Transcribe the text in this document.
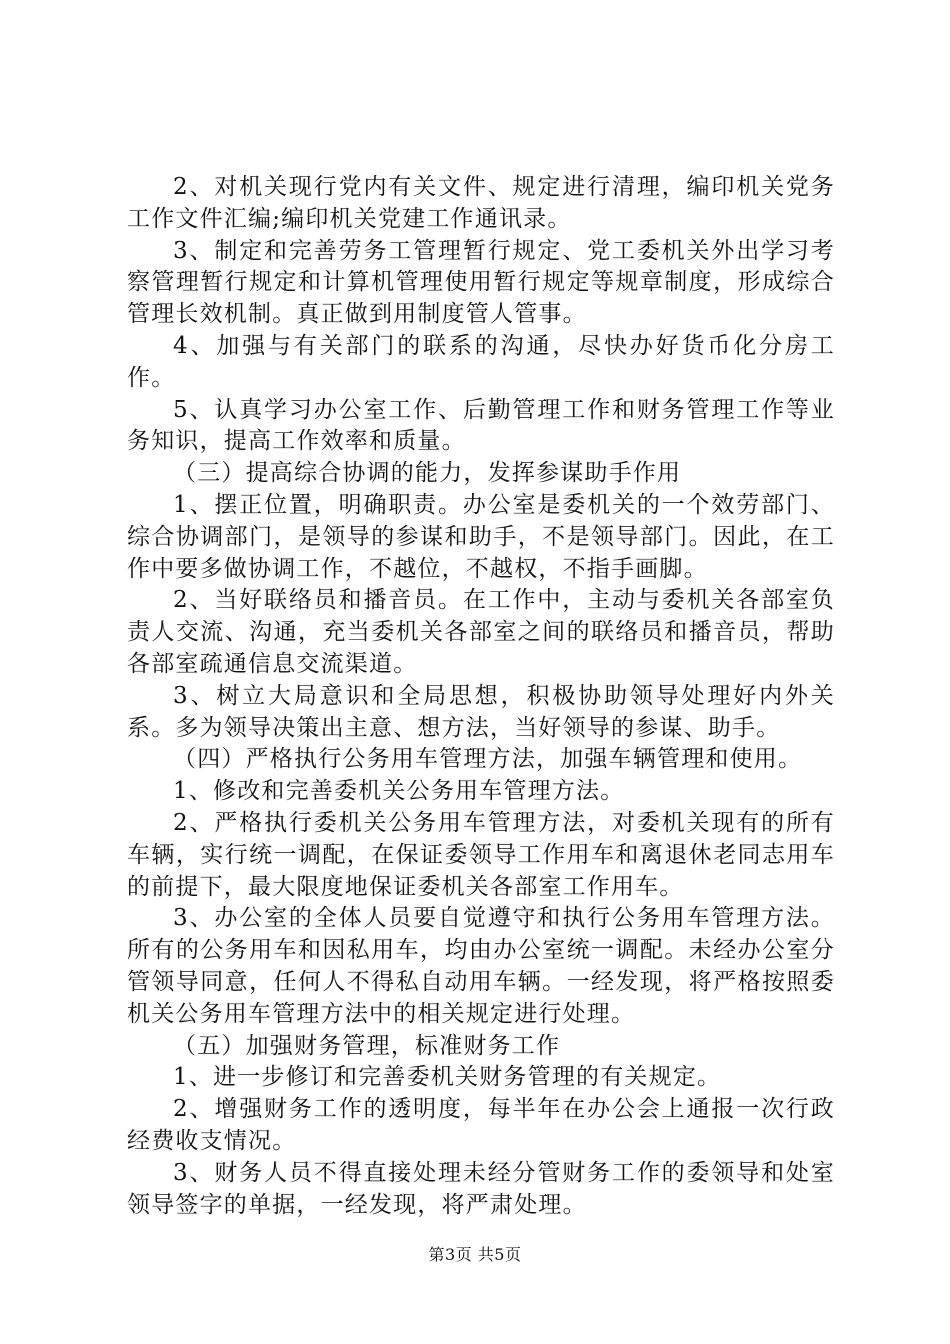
2、对机关现行党内有关文件、规定进行清理，编印机关党务工作文件汇编;编印机关党建工作通讯录。

3、制定和完善劳务工管理暂行规定、党工委机关外出学习考察管理暂行规定和计算机管理使用暂行规定等规章制度，形成综合管理长效机制。真正做到用制度管人管事。

4、加强与有关部门的联系的沟通，尽快办好货币化分房工作。

5、认真学习办公室工作、后勤管理工作和财务管理工作等业务知识，提高工作效率和质量。

（三）提高综合协调的能力，发挥参谋助手作用

1、摆正位置，明确职责。办公室是委机关的一个效劳部门、综合协调部门，是领导的参谋和助手，不是领导部门。因此，在工作中要多做协调工作，不越位，不越权，不指手画脚。

2、当好联络员和播音员。在工作中，主动与委机关各部室负责人交流、沟通，充当委机关各部室之间的联络员和播音员，帮助各部室疏通信息交流渠道。

3、树立大局意识和全局思想，积极协助领导处理好内外关系。多为领导决策出主意、想方法，当好领导的参谋、助手。

（四）严格执行公务用车管理方法，加强车辆管理和使用。

1、修改和完善委机关公务用车管理方法。

2、严格执行委机关公务用车管理方法，对委机关现有的所有车辆，实行统一调配，在保证委领导工作用车和离退休老同志用车的前提下，最大限度地保证委机关各部室工作用车。

3、办公室的全体人员要自觉遵守和执行公务用车管理方法。所有的公务用车和因私用车，均由办公室统一调配。未经办公室分管领导同意，任何人不得私自动用车辆。一经发现，将严格按照委机关公务用车管理方法中的相关规定进行处理。

（五）加强财务管理，标准财务工作

1、进一步修订和完善委机关财务管理的有关规定。

2、增强财务工作的透明度，每半年在办公会上通报一次行政经费收支情况。

3、财务人员不得直接处理未经分管财务工作的委领导和处室领导签字的单据，一经发现，将严肃处理。

第3页 共5页
